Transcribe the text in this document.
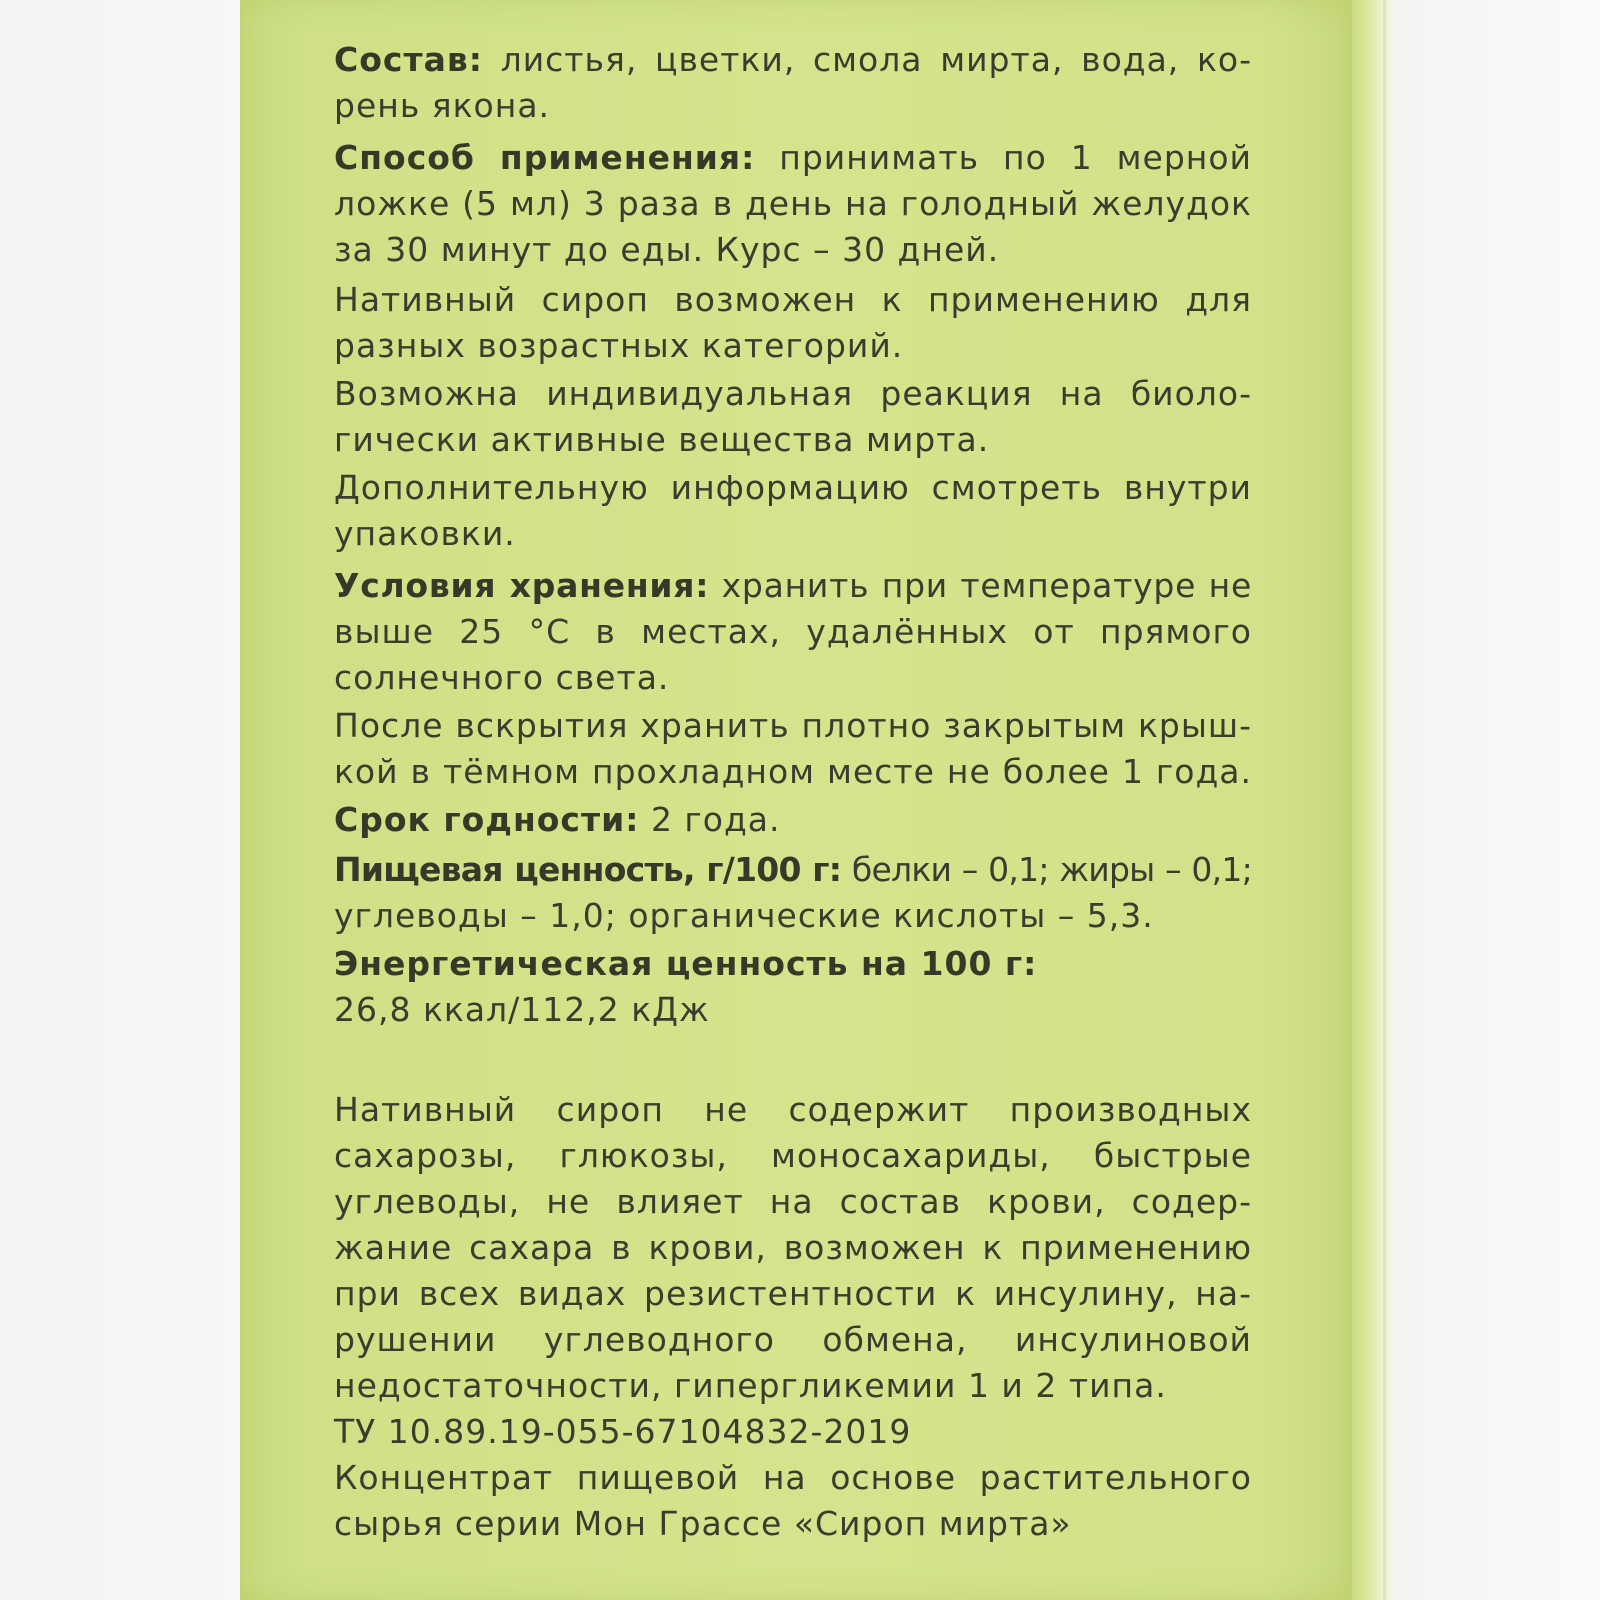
Состав: листья, цветки, смола мирта, вода, ко-
рень якона.
Способ применения: принимать по 1 мерной
ложке (5 мл) 3 раза в день на голодный желудок
за 30 минут до еды. Курс – 30 дней.
Нативный сироп возможен к применению для
разных возрастных категорий.
Возможна индивидуальная реакция на биоло-
гически активные вещества мирта.
Дополнительную информацию смотреть внутри
упаковки.
Условия хранения: хранить при температуре не
выше 25 °С в местах, удалённых от прямого
солнечного света.
После вскрытия хранить плотно закрытым крыш-
кой в тёмном прохладном месте не более 1 года.
Срок годности: 2 года.
Пищевая ценность, г/100 г: белки – 0,1; жиры – 0,1;
углеводы – 1,0; органические кислоты – 5,3.
Энергетическая ценность на 100 г:
26,8 ккал/112,2 кДж
Нативный сироп не содержит производных
сахарозы, глюкозы, моносахариды, быстрые
углеводы, не влияет на состав крови, содер-
жание сахара в крови, возможен к применению
при всех видах резистентности к инсулину, на-
рушении углеводного обмена, инсулиновой
недостаточности, гипергликемии 1 и 2 типа.
ТУ 10.89.19-055-67104832-2019
Концентрат пищевой на основе растительного
сырья серии Мон Грассе «Сироп мирта»
